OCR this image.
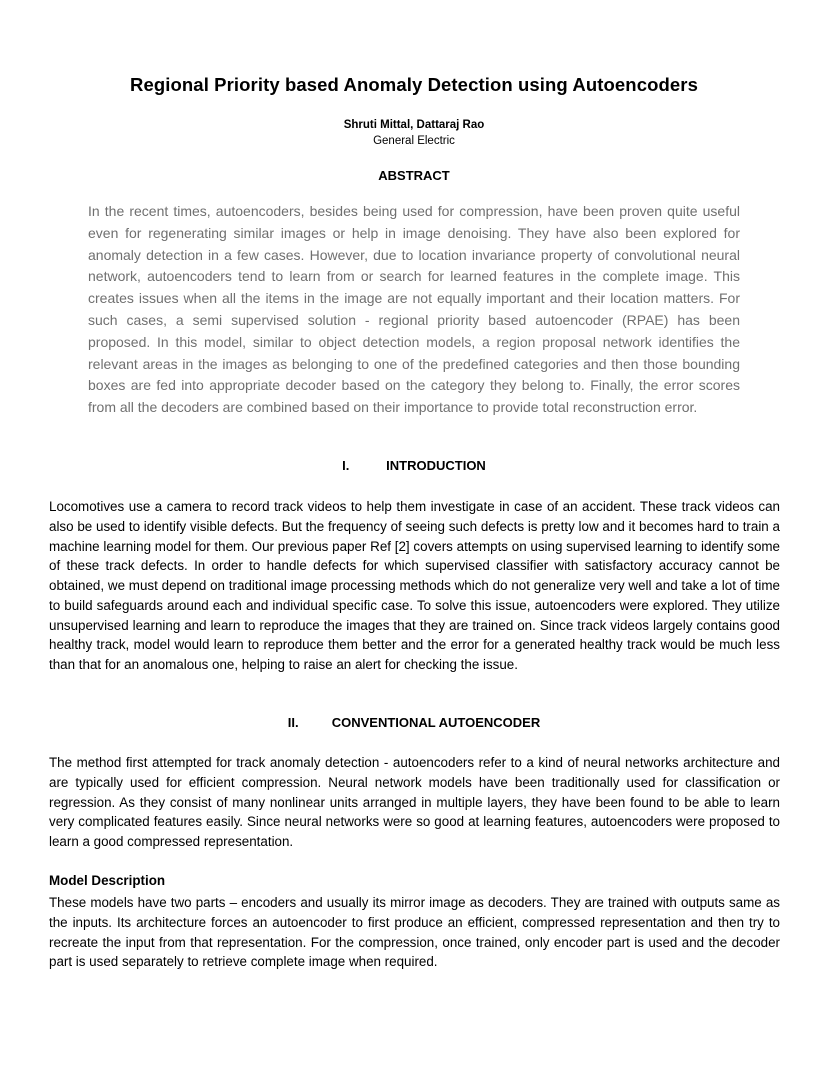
Regional Priority based Anomaly Detection using Autoencoders
Shruti Mittal, Dattaraj Rao
General Electric
ABSTRACT

In the recent times, autoencoders, besides being used for compression, have been proven quite useful even for regenerating similar images or help in image denoising. They have also been explored for anomaly detection in a few cases. However, due to location invariance property of convolutional neural network, autoencoders tend to learn from or search for learned features in the complete image. This creates issues when all the items in the image are not equally important and their location matters. For such cases, a semi supervised solution - regional priority based autoencoder (RPAE) has been proposed. In this model, similar to object detection models, a region proposal network identifies the relevant areas in the images as belonging to one of the predefined categories and then those bounding boxes are fed into appropriate decoder based on the category they belong to. Finally, the error scores from all the decoders are combined based on their importance to provide total reconstruction error.

I.	INTRODUCTION

Locomotives use a camera to record track videos to help them investigate in case of an accident. These track videos can also be used to identify visible defects. But the frequency of seeing such defects is pretty low and it becomes hard to train a machine learning model for them. Our previous paper Ref [2] covers attempts on using supervised learning to identify some of these track defects. In order to handle defects for which supervised classifier with satisfactory accuracy cannot be obtained, we must depend on traditional image processing methods which do not generalize very well and take a lot of time to build safeguards around each and individual specific case. To solve this issue, autoencoders were explored. They utilize unsupervised learning and learn to reproduce the images that they are trained on. Since track videos largely contains good healthy track, model would learn to reproduce them better and the error for a generated healthy track would be much less than that for an anomalous one, helping to raise an alert for checking the issue.

II.	CONVENTIONAL AUTOENCODER

The method first attempted for track anomaly detection - autoencoders refer to a kind of neural networks architecture and are typically used for efficient compression. Neural network models have been traditionally used for classification or regression. As they consist of many nonlinear units arranged in multiple layers, they have been found to be able to learn very complicated features easily. Since neural networks were so good at learning features, autoencoders were proposed to learn a good compressed representation.

Model Description

These models have two parts – encoders and usually its mirror image as decoders. They are trained with outputs same as the inputs. Its architecture forces an autoencoder to first produce an efficient, compressed representation and then try to recreate the input from that representation. For the compression, once trained, only encoder part is used and the decoder part is used separately to retrieve complete image when required.
